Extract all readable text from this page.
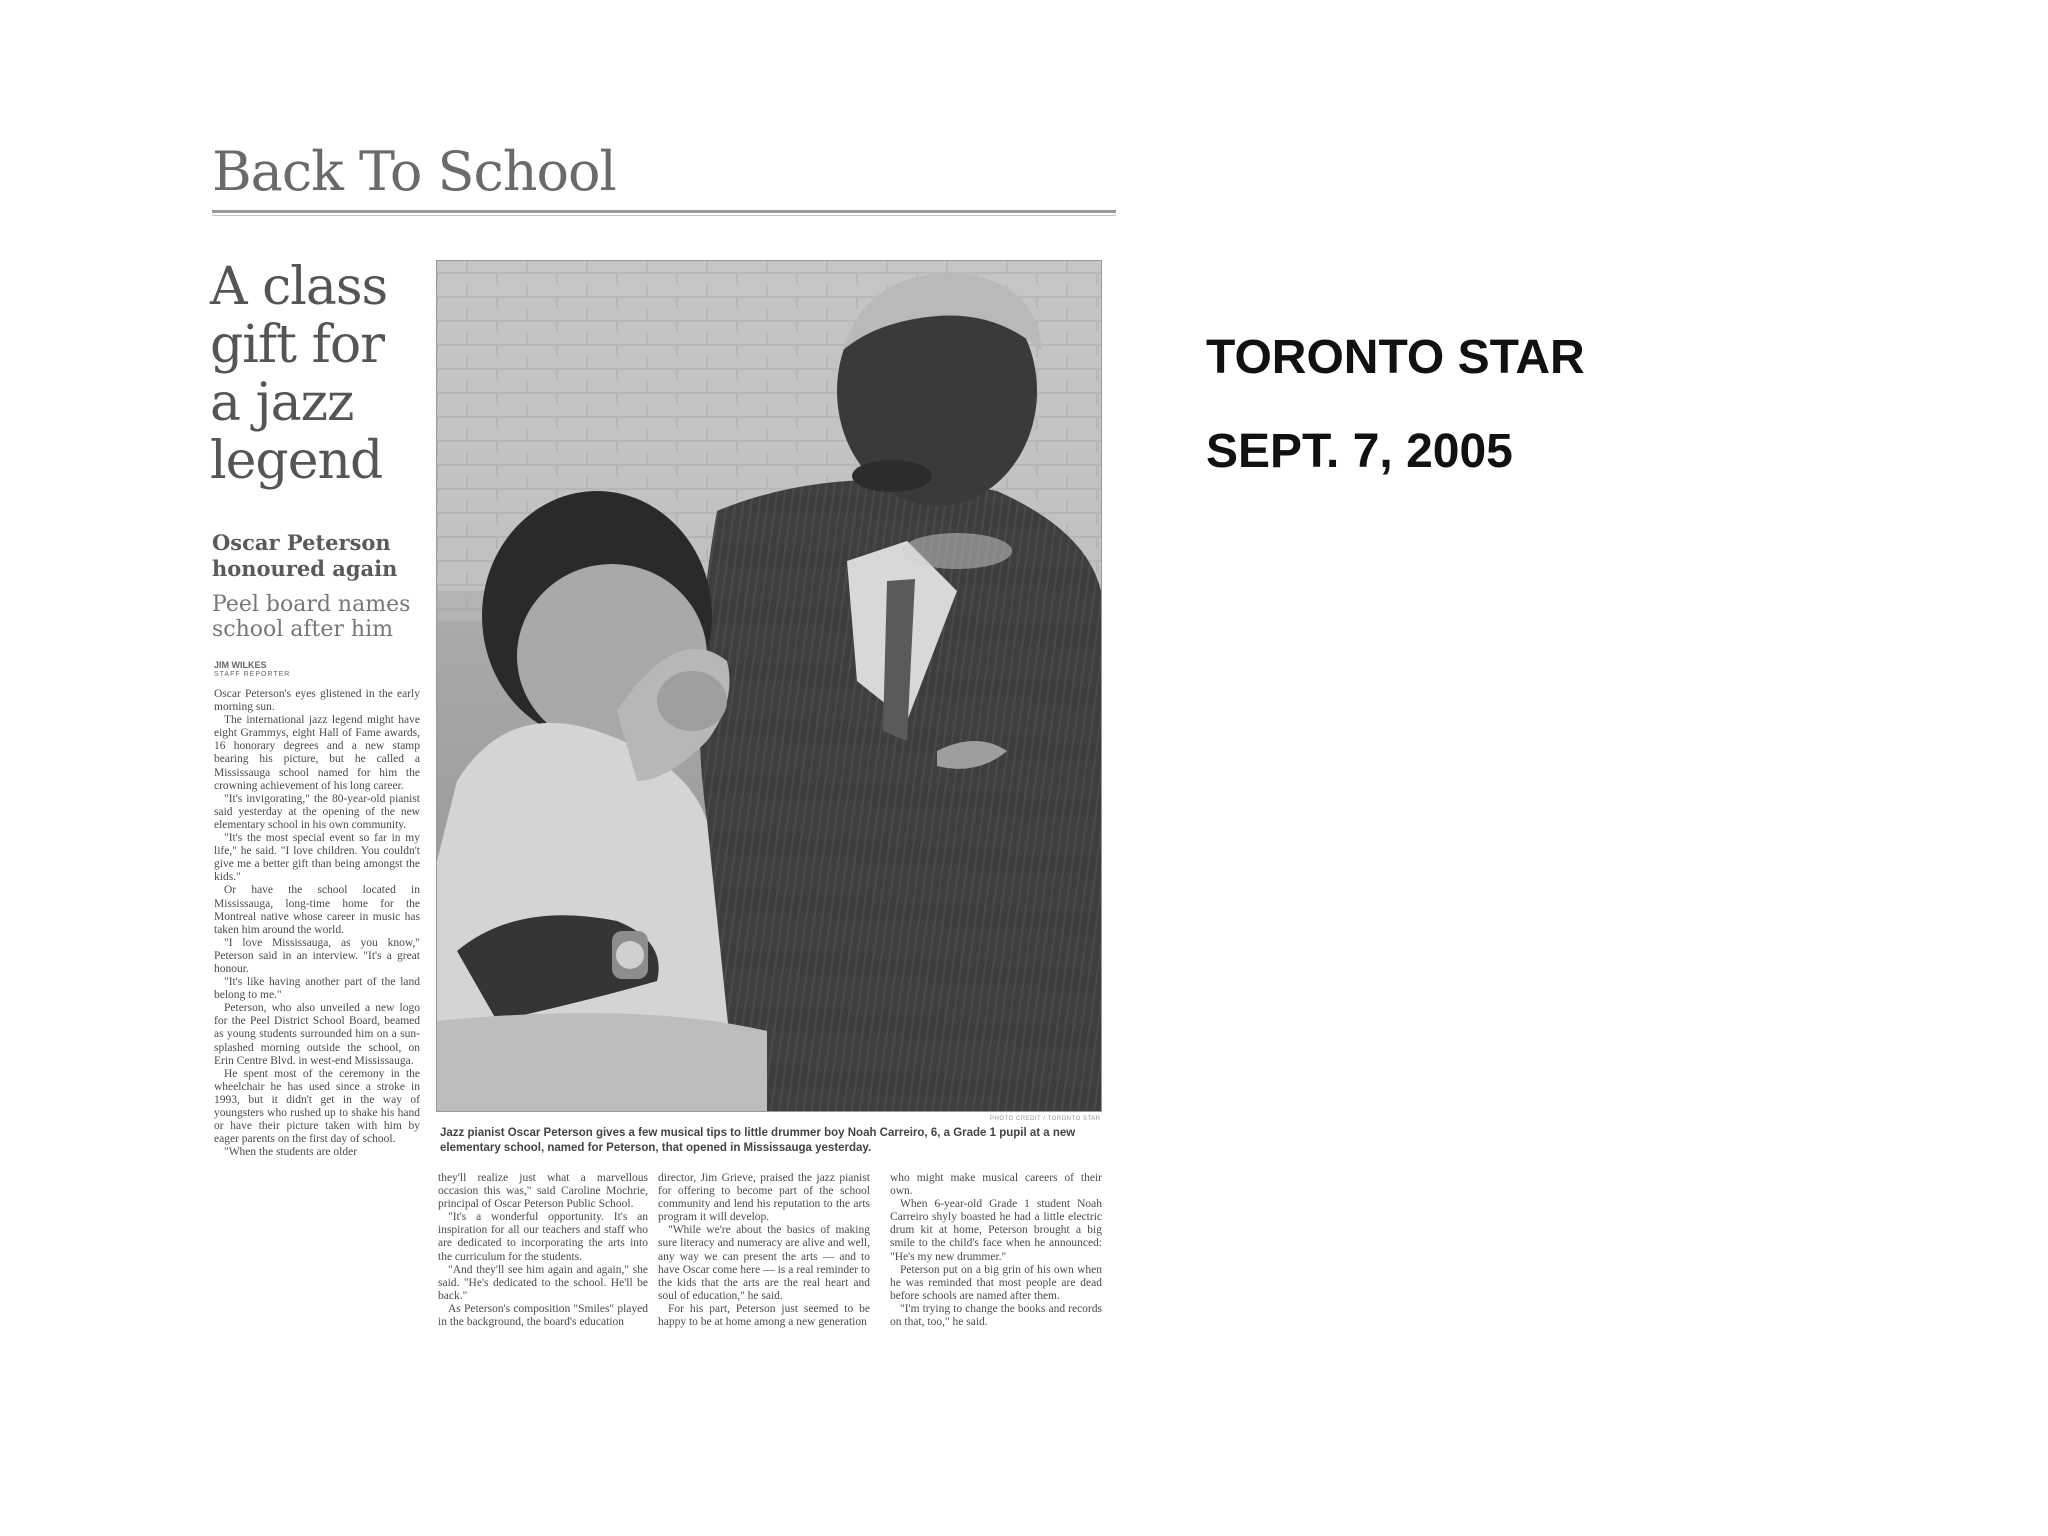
Back To School
A class gift for a jazz legend
Oscar Peterson honoured again
Peel board names school after him
JIM WILKES
STAFF REPORTER
PHOTO CREDIT / TORONTO STAR
Jazz pianist Oscar Peterson gives a few musical tips to little drummer boy Noah Carreiro, 6, a Grade 1 pupil at a new elementary school, named for Peterson, that opened in Mississauga yesterday.

Oscar Peterson's eyes glistened in the early morning sun.

The international jazz legend might have eight Grammys, eight Hall of Fame awards, 16 honorary degrees and a new stamp bearing his picture, but he called a Mississauga school named for him the crowning achievement of his long career.

"It's invigorating," the 80-year-old pianist said yesterday at the opening of the new elementary school in his own community.

"It's the most special event so far in my life," he said. "I love children. You couldn't give me a better gift than being amongst the kids."

Or have the school located in Mississauga, long-time home for the Montreal native whose career in music has taken him around the world.

"I love Mississauga, as you know," Peterson said in an interview. "It's a great honour.

"It's like having another part of the land belong to me."

Peterson, who also unveiled a new logo for the Peel District School Board, beamed as young students surrounded him on a sun-splashed morning outside the school, on Erin Centre Blvd. in west-end Mississauga.

He spent most of the ceremony in the wheelchair he has used since a stroke in 1993, but it didn't get in the way of youngsters who rushed up to shake his hand or have their picture taken with him by eager parents on the first day of school.

"When the students are older

they'll realize just what a marvellous occasion this was," said Caroline Mochrie, principal of Oscar Peterson Public School.

"It's a wonderful opportunity. It's an inspiration for all our teachers and staff who are dedicated to incorporating the arts into the curriculum for the students.

"And they'll see him again and again," she said. "He's dedicated to the school. He'll be back."

As Peterson's composition "Smiles" played in the background, the board's education

director, Jim Grieve, praised the jazz pianist for offering to become part of the school community and lend his reputation to the arts program it will develop.

"While we're about the basics of making sure literacy and numeracy are alive and well, any way we can present the arts — and to have Oscar come here — is a real reminder to the kids that the arts are the real heart and soul of education," he said.

For his part, Peterson just seemed to be happy to be at home among a new generation

who might make musical careers of their own.

When 6-year-old Grade 1 student Noah Carreiro shyly boasted he had a little electric drum kit at home, Peterson brought a big smile to the child's face when he announced: "He's my new drummer."

Peterson put on a big grin of his own when he was reminded that most people are dead before schools are named after them.

"I'm trying to change the books and records on that, too," he said.

TORONTO STAR
SEPT. 7, 2005
